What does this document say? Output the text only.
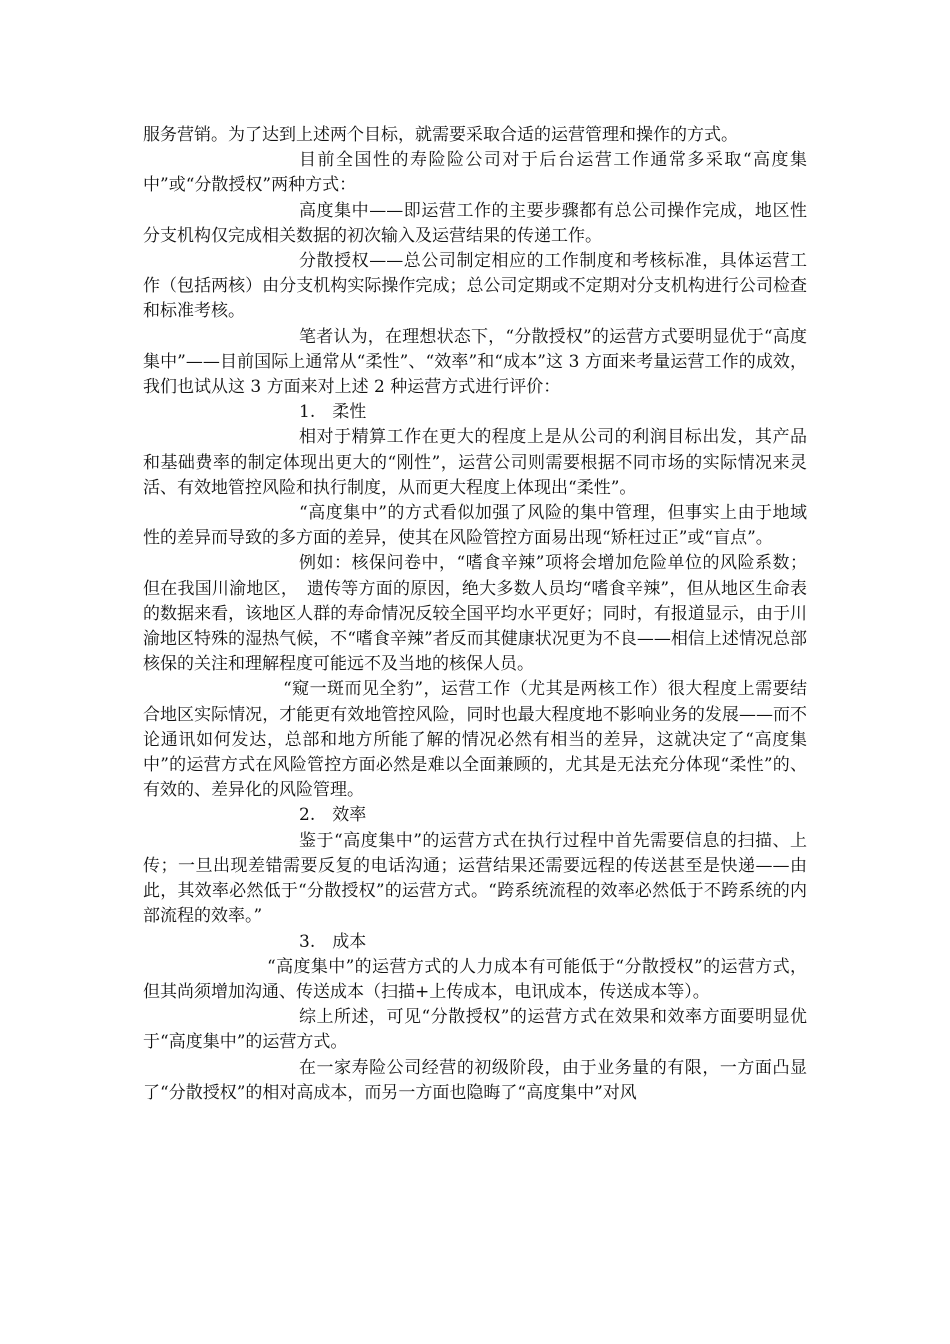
服务营销。为了达到上述两个目标，就需要采取合适的运营管理和操作的方式。

目前全国性的寿险险公司对于后台运营工作通常多采取“高度集中”或“分散授权”两种方式：

高度集中——即运营工作的主要步骤都有总公司操作完成，地区性分支机构仅完成相关数据的初次输入及运营结果的传递工作。

分散授权——总公司制定相应的工作制度和考核标准，具体运营工作（包括两核）由分支机构实际操作完成；总公司定期或不定期对分支机构进行公司检查和标准考核。

笔者认为，在理想状态下，“分散授权”的运营方式要明显优于“高度集中”——目前国际上通常从“柔性”、“效率”和“成本”这 3 方面来考量运营工作的成效，我们也试从这 3 方面来对上述 2 种运营方式进行评价：

1.　柔性

相对于精算工作在更大的程度上是从公司的利润目标出发，其产品和基础费率的制定体现出更大的“刚性”，运营公司则需要根据不同市场的实际情况来灵活、有效地管控风险和执行制度，从而更大程度上体现出“柔性”。

“高度集中”的方式看似加强了风险的集中管理，但事实上由于地域性的差异而导致的多方面的差异，使其在风险管控方面易出现“矫枉过正”或“盲点”。

例如：核保问卷中，“嗜食辛辣”项将会增加危险单位的风险系数；但在我国川渝地区，　遗传等方面的原因，绝大多数人员均“嗜食辛辣”，但从地区生命表的数据来看，该地区人群的寿命情况反较全国平均水平更好；同时，有报道显示，由于川渝地区特殊的湿热气候，不“嗜食辛辣”者反而其健康状况更为不良——相信上述情况总部核保的关注和理解程度可能远不及当地的核保人员。

“窥一斑而见全豹”，运营工作（尤其是两核工作）很大程度上需要结合地区实际情况，才能更有效地管控风险，同时也最大程度地不影响业务的发展——而不论通讯如何发达，总部和地方所能了解的情况必然有相当的差异，这就决定了“高度集中”的运营方式在风险管控方面必然是难以全面兼顾的，尤其是无法充分体现“柔性”的、有效的、差异化的风险管理。

2.　效率

鉴于“高度集中”的运营方式在执行过程中首先需要信息的扫描、上传；一旦出现差错需要反复的电话沟通；运营结果还需要远程的传送甚至是快递——由此，其效率必然低于“分散授权”的运营方式。“跨系统流程的效率必然低于不跨系统的内部流程的效率。”

3.　成本

“高度集中”的运营方式的人力成本有可能低于“分散授权”的运营方式，但其尚须增加沟通、传送成本（扫描+上传成本，电讯成本，传送成本等）。

综上所述，可见“分散授权”的运营方式在效果和效率方面要明显优于“高度集中”的运营方式。

在一家寿险公司经营的初级阶段，由于业务量的有限，一方面凸显了“分散授权”的相对高成本，而另一方面也隐晦了“高度集中”对风
